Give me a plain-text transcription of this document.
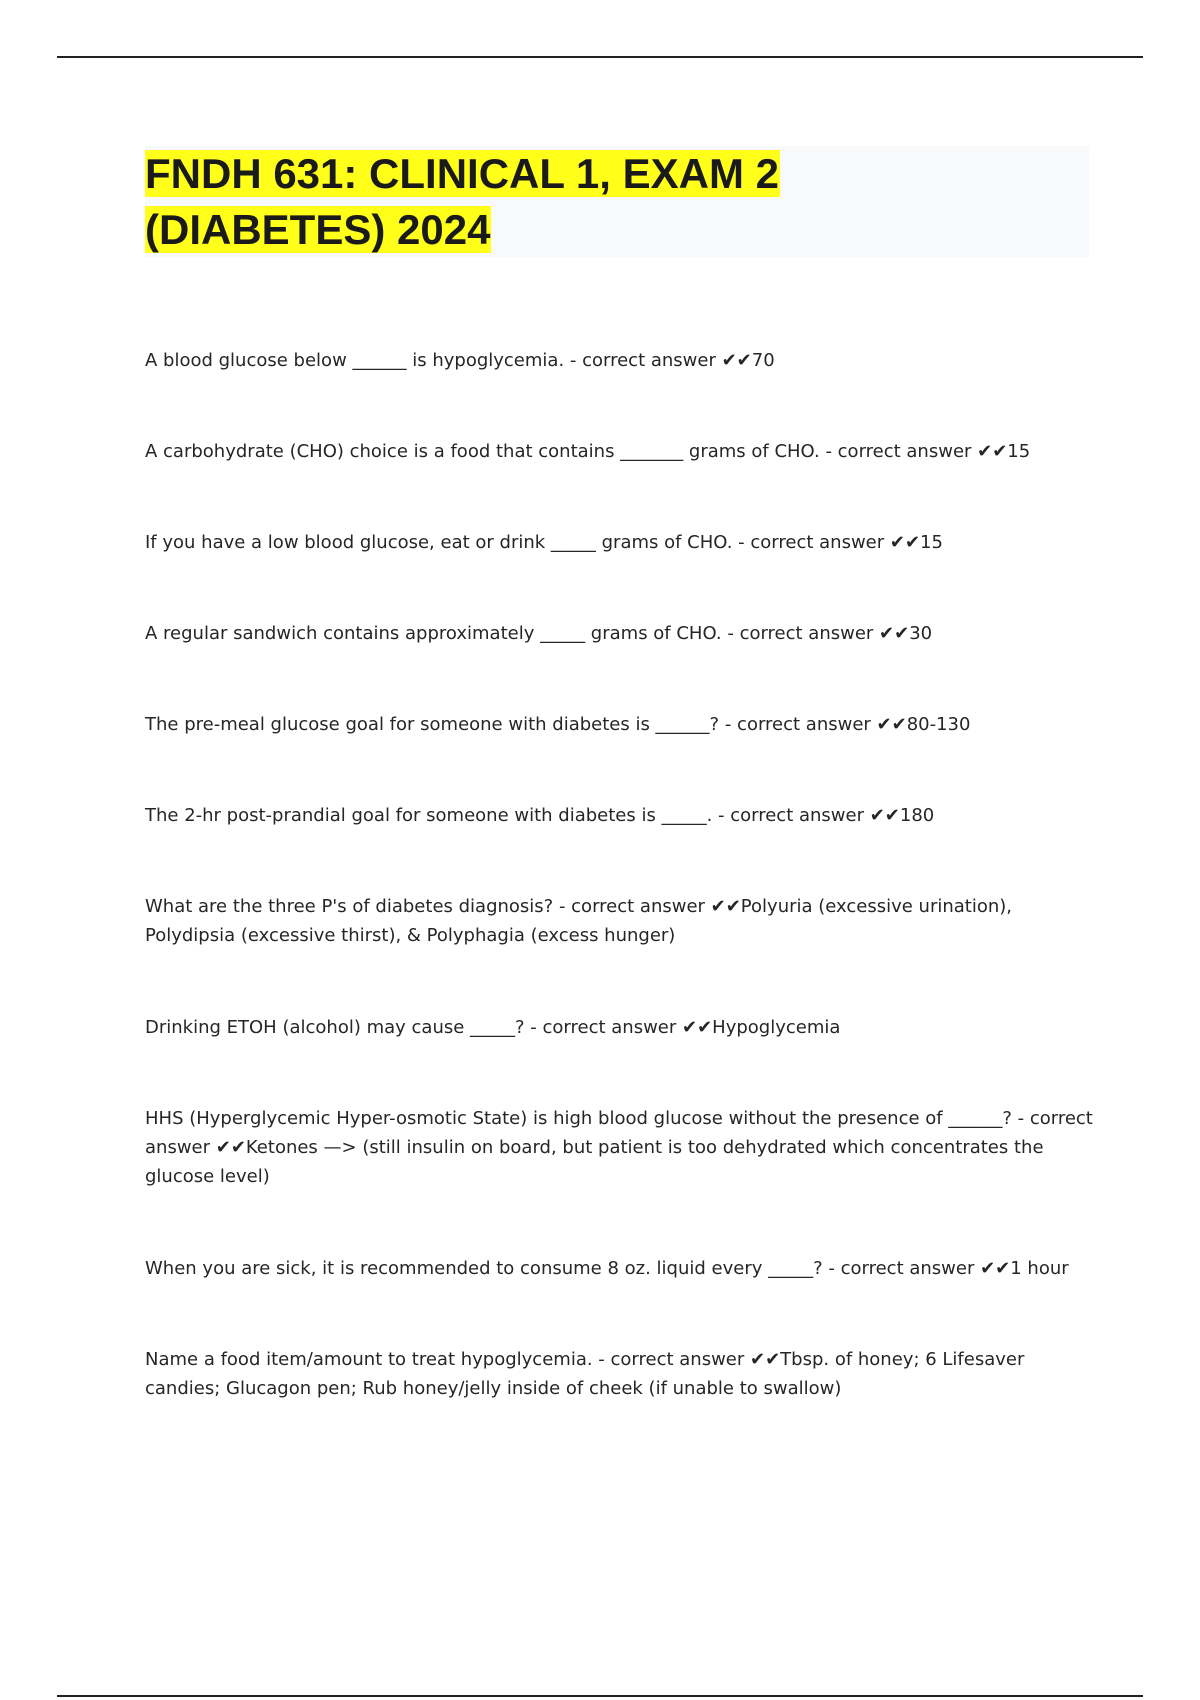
FNDH 631: CLINICAL 1, EXAM 2
(DIABETES) 2024
A blood glucose below ______ is hypoglycemia. - correct answer ✔✔70
A carbohydrate (CHO) choice is a food that contains _______ grams of CHO. - correct answer ✔✔15
If you have a low blood glucose, eat or drink _____ grams of CHO. - correct answer ✔✔15
A regular sandwich contains approximately _____ grams of CHO. - correct answer ✔✔30
The pre-meal glucose goal for someone with diabetes is ______? - correct answer ✔✔80-130
The 2-hr post-prandial goal for someone with diabetes is _____. - correct answer ✔✔180
What are the three P's of diabetes diagnosis? - correct answer ✔✔Polyuria (excessive urination), Polydipsia (excessive thirst), & Polyphagia (excess hunger)
Drinking ETOH (alcohol) may cause _____? - correct answer ✔✔Hypoglycemia
HHS (Hyperglycemic Hyper-osmotic State) is high blood glucose without the presence of ______? - correct answer ✔✔Ketones —> (still insulin on board, but patient is too dehydrated which concentrates the glucose level)
When you are sick, it is recommended to consume 8 oz. liquid every _____? - correct answer ✔✔1 hour
Name a food item/amount to treat hypoglycemia. - correct answer ✔✔Tbsp. of honey; 6 Lifesaver candies; Glucagon pen; Rub honey/jelly inside of cheek (if unable to swallow)
